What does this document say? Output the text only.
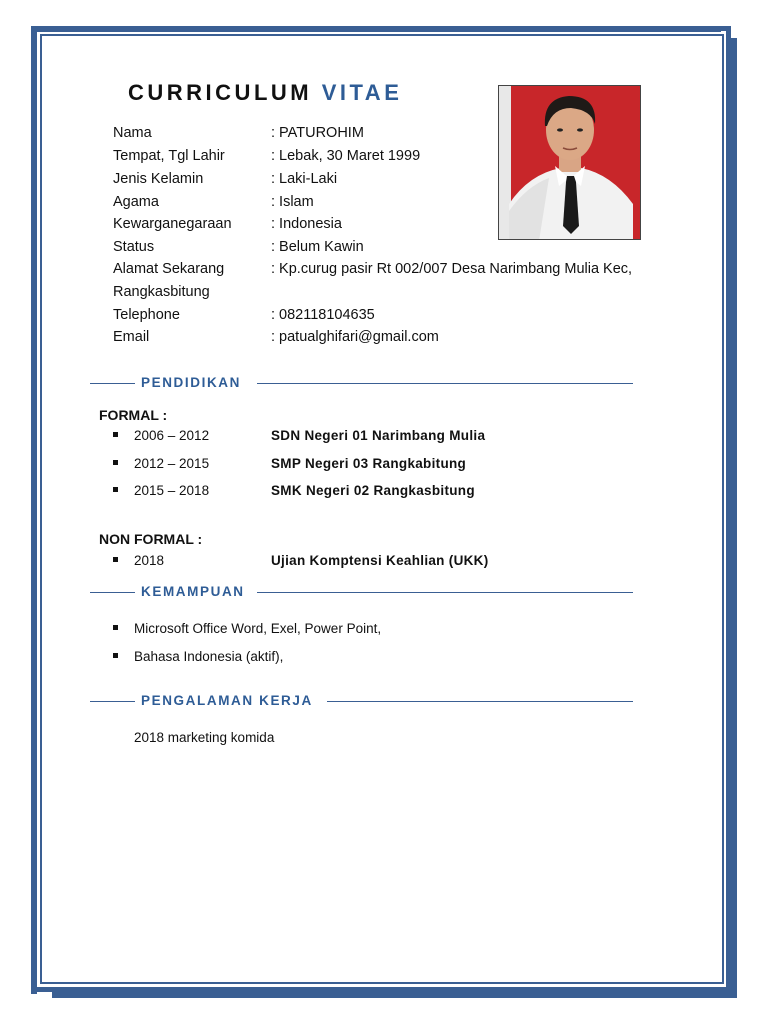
CURRICULUM VITAE
Nama	: PATUROHIM
Tempat, Tgl Lahir	: Lebak, 30 Maret 1999
Jenis Kelamin	: Laki-Laki
Agama	: Islam
Kewarganegaraan	: Indonesia
Status	: Belum Kawin
Alamat Sekarang	: Kp.curug pasir Rt 002/007 Desa Narimbang Mulia Kec,
Rangkasbitung
Telephone	: 082118104635
Email	: patualghifari@gmail.com
PENDIDIKAN
FORMAL :
2006 – 2012	SDN Negeri 01 Narimbang Mulia
2012 – 2015	SMP Negeri 03 Rangkabitung
2015 – 2018	SMK Negeri 02 Rangkasbitung
NON FORMAL :
2018	Ujian Komptensi Keahlian (UKK)
KEMAMPUAN
Microsoft Office Word, Exel, Power Point,
Bahasa Indonesia (aktif),
PENGALAMAN KERJA
2018 marketing komida
